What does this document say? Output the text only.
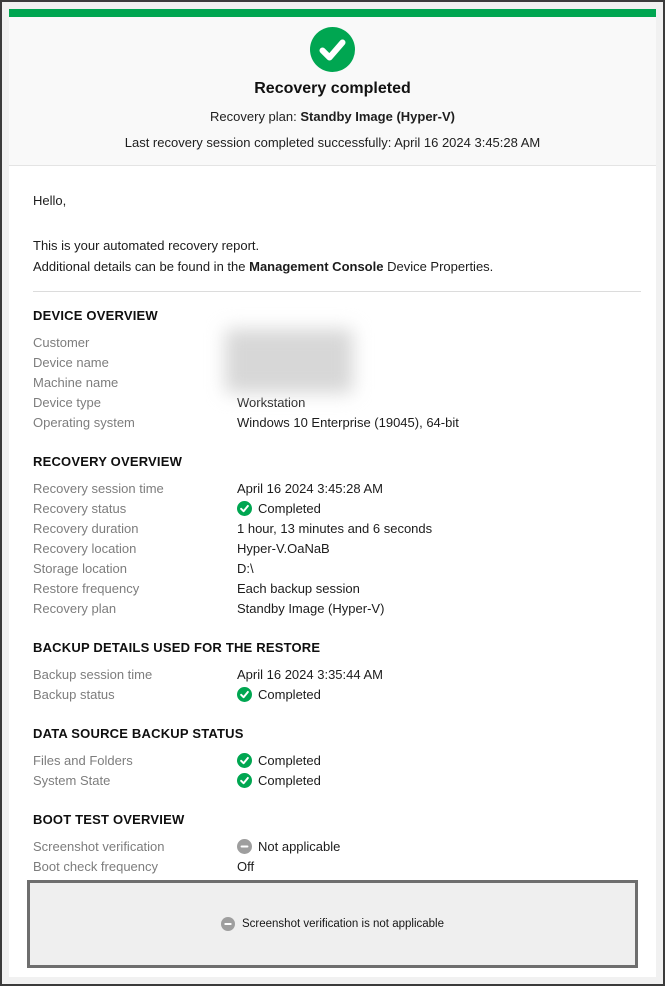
Recovery completed
Recovery plan: Standby Image (Hyper-V)
Last recovery session completed successfully: April 16 2024 3:45:28 AM

Hello,

This is your automated recovery report.
Additional details can be found in the Management Console Device Properties.

DEVICE OVERVIEW
Customer
Device name
Machine name
Device type	Workstation
Operating system	Windows 10 Enterprise (19045), 64-bit
RECOVERY OVERVIEW
Recovery session time	April 16 2024 3:45:28 AM
Recovery status	Completed
Recovery duration	1 hour, 13 minutes and 6 seconds
Recovery location	Hyper-V.OaNaB
Storage location	D:\
Restore frequency	Each backup session
Recovery plan	Standby Image (Hyper-V)
BACKUP DETAILS USED FOR THE RESTORE
Backup session time	April 16 2024 3:35:44 AM
Backup status	Completed
DATA SOURCE BACKUP STATUS
Files and Folders	Completed
System State	Completed
BOOT TEST OVERVIEW
Screenshot verification	Not applicable
Boot check frequency	Off
Screenshot verification is not applicable
